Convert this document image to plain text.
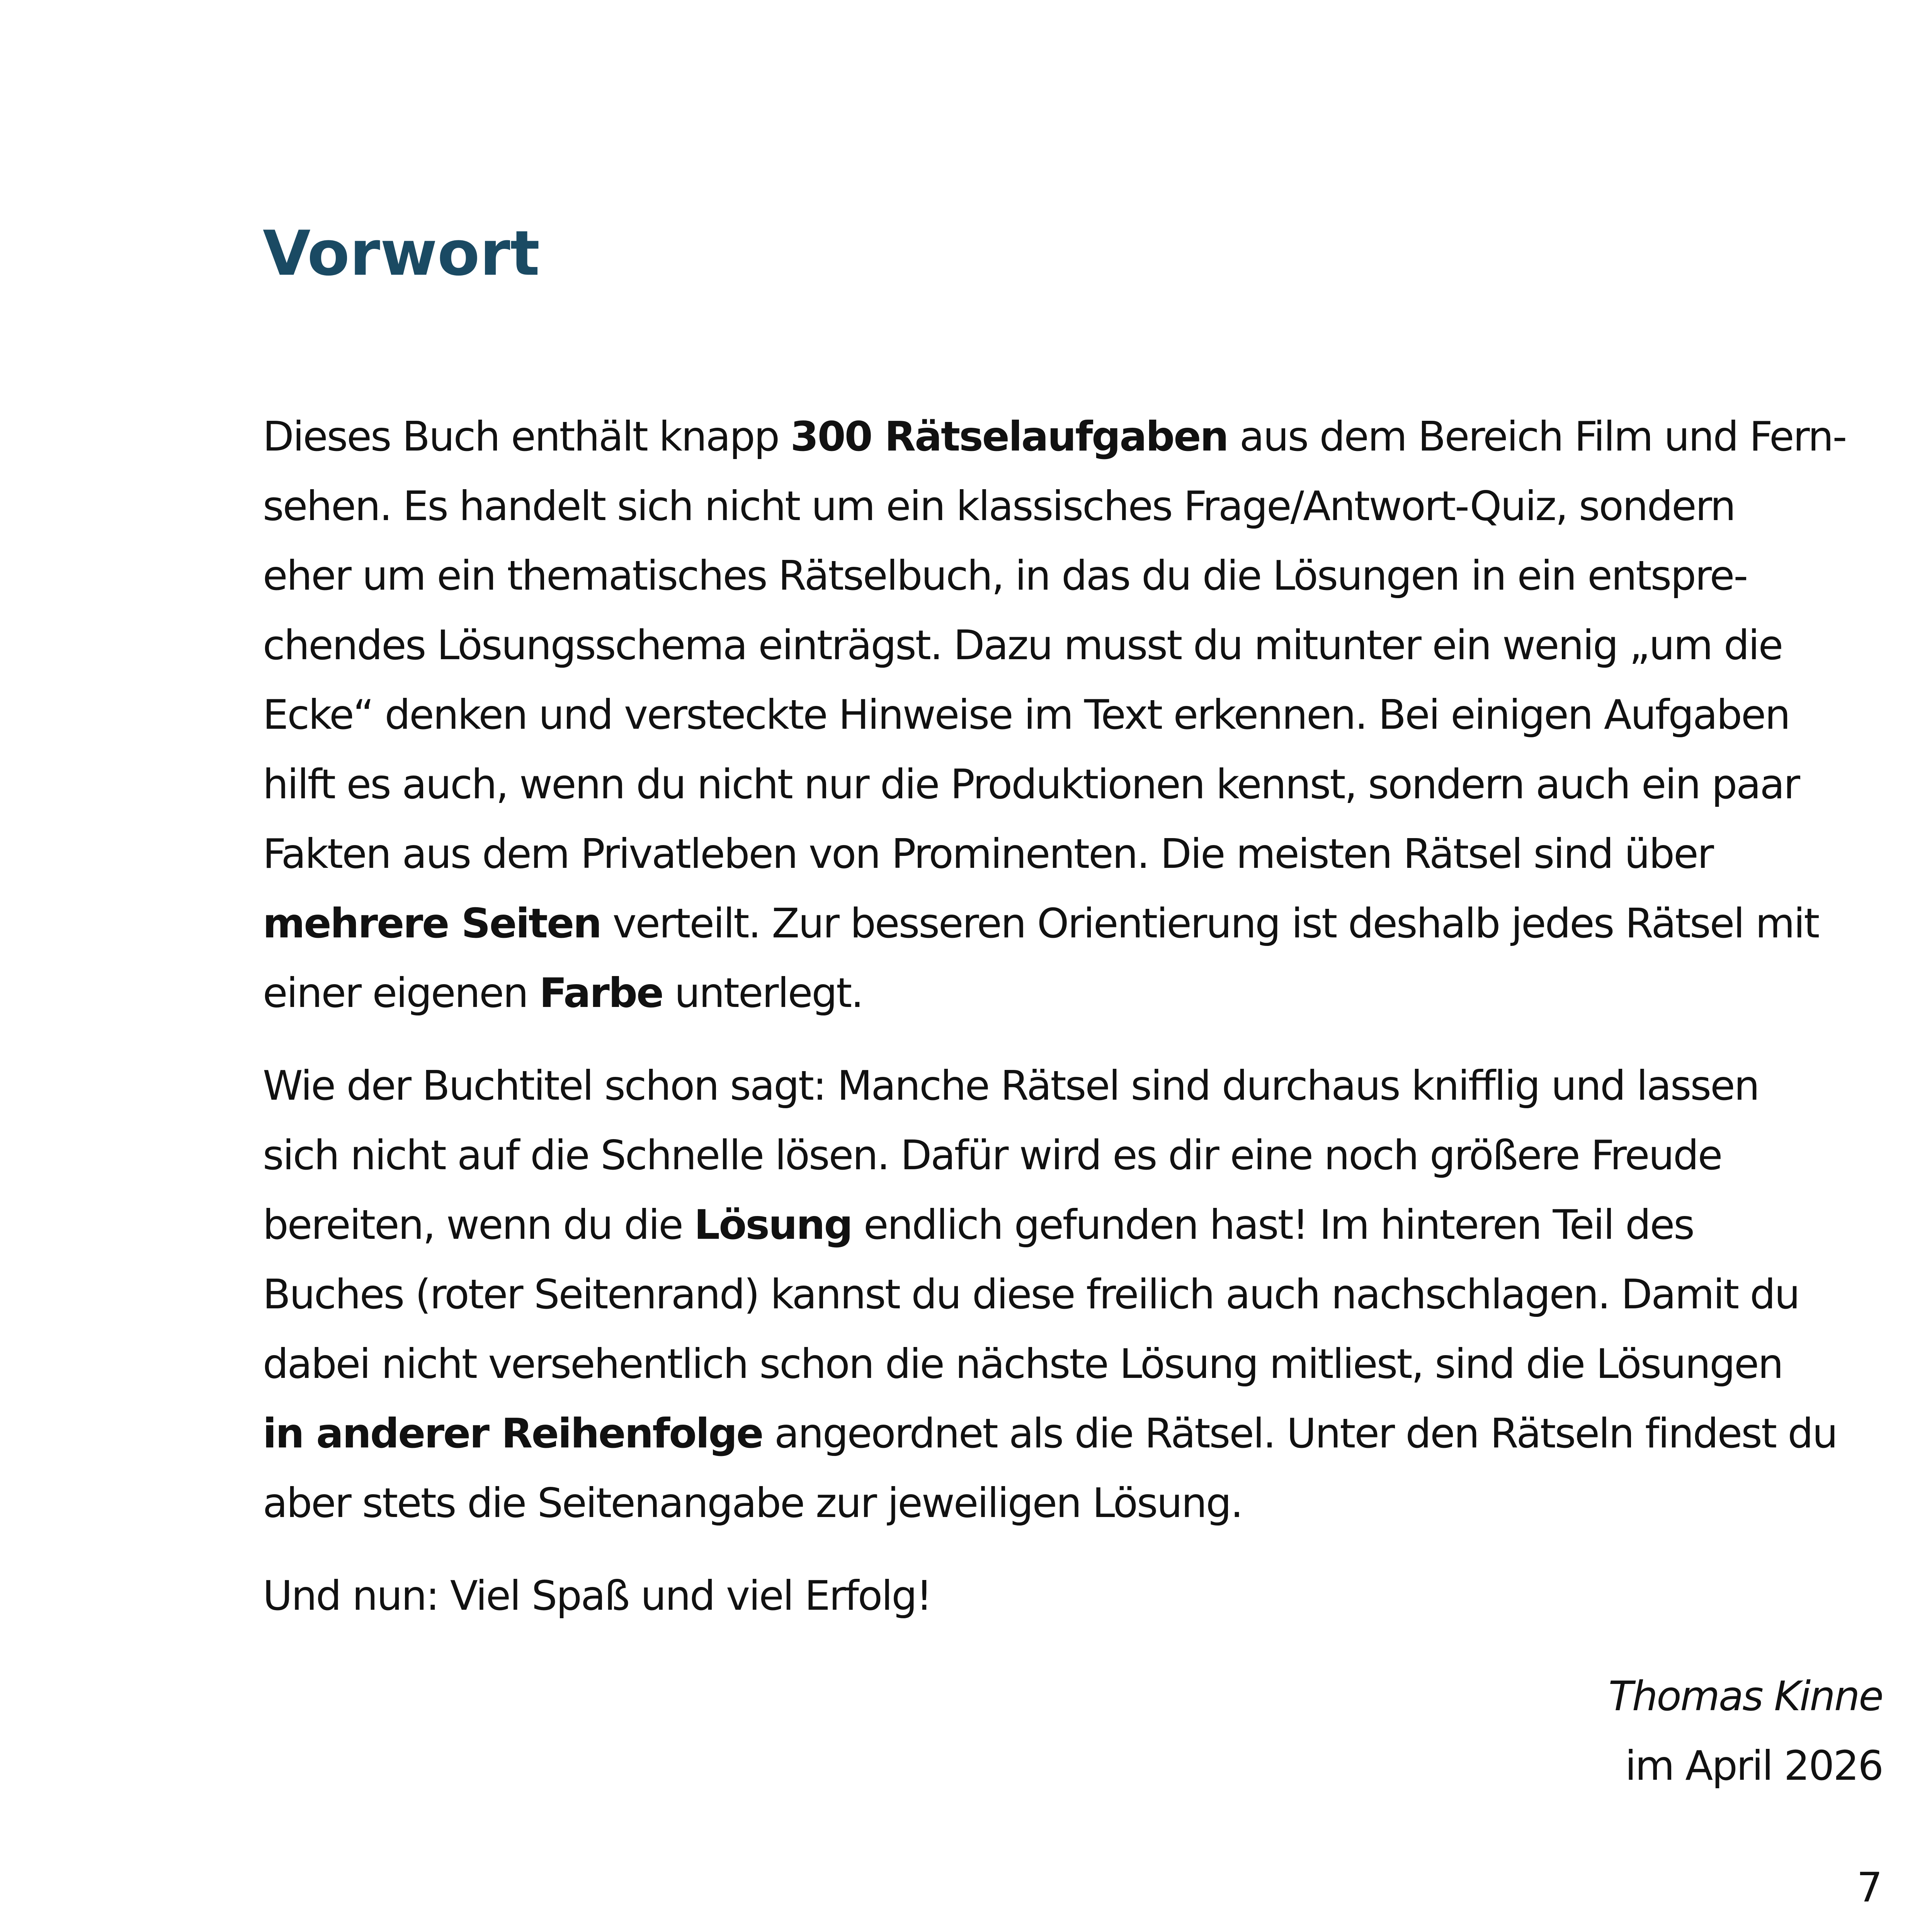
Vorwort

Dieses Buch enthält knapp 300 Rätselaufgaben aus dem Bereich Film und Fern-
sehen. Es handelt sich nicht um ein klassisches Frage/Antwort-Quiz, sondern
eher um ein thematisches Rätselbuch, in das du die Lösungen in ein entspre-
chendes Lösungsschema einträgst. Dazu musst du mitunter ein wenig „um die
Ecke“ denken und versteckte Hinweise im Text erkennen. Bei einigen Aufgaben
hilft es auch, wenn du nicht nur die Produktionen kennst, sondern auch ein paar
Fakten aus dem Privatleben von Prominenten. Die meisten Rätsel sind über
mehrere Seiten verteilt. Zur besseren Orientierung ist deshalb jedes Rätsel mit
einer eigenen Farbe unterlegt.

Wie der Buchtitel schon sagt: Manche Rätsel sind durchaus knifflig und lassen
sich nicht auf die Schnelle lösen. Dafür wird es dir eine noch größere Freude
bereiten, wenn du die Lösung endlich gefunden hast! Im hinteren Teil des
Buches (roter Seitenrand) kannst du diese freilich auch nachschlagen. Damit du
dabei nicht versehentlich schon die nächste Lösung mitliest, sind die Lösungen
in anderer Reihenfolge angeordnet als die Rätsel. Unter den Rätseln findest du
aber stets die Seitenangabe zur jeweiligen Lösung.

Und nun: Viel Spaß und viel Erfolg!

Thomas Kinne
im April 2026
7
